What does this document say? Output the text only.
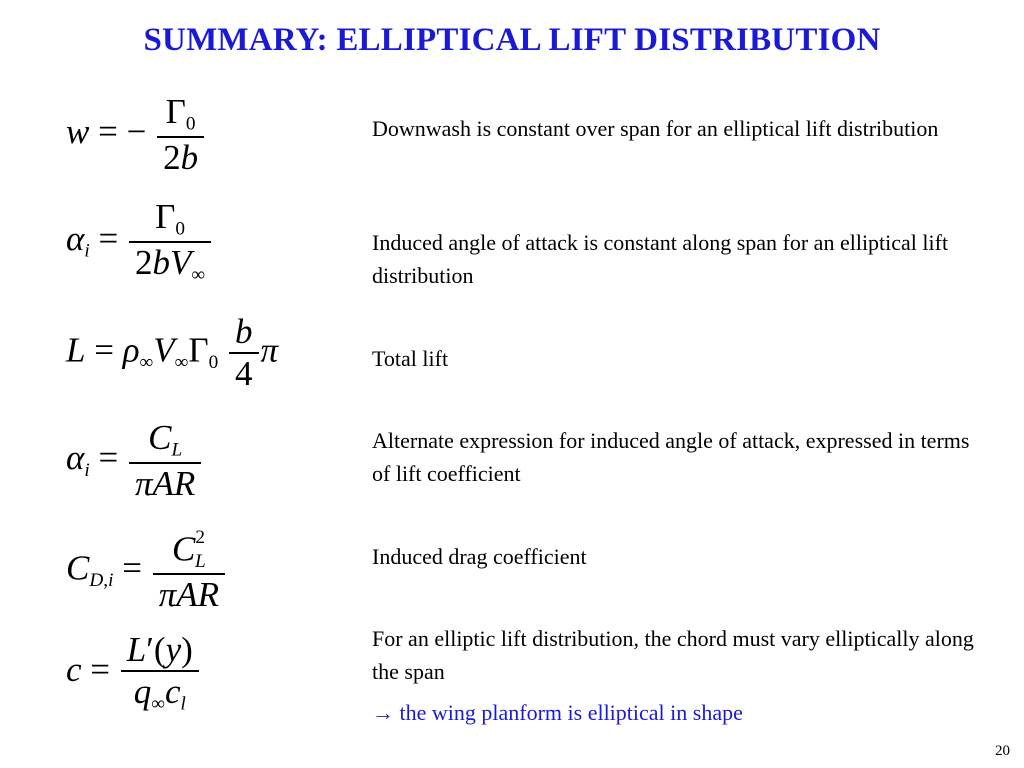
SUMMARY: ELLIPTICAL LIFT DISTRIBUTION
w = − $\frac{\Gamma_0}{2b}$	Downwash is constant over span for an elliptical lift distribution
$\alpha_i = \frac{\Gamma_0}{2bV_\infty}$	Induced angle of attack is constant along span for an elliptical lift distribution
$L = \rho_\infty V_\infty\Gamma_0 \frac{b}{4}$ π	Total lift
$\alpha_i = \frac{C_L}{\text{πAR}}$	Alternate expression for induced angle of attack, expressed in terms of lift coefficient
$C_{D,i} = \frac{C^2_L}{\text{πAR}}$	Induced drag coefficient
$c = \frac{L'(y)}{q_\infty c_l}$	For an elliptic lift distribution, the chord must vary elliptically along the span
→ the wing planform is elliptical in shape
20
